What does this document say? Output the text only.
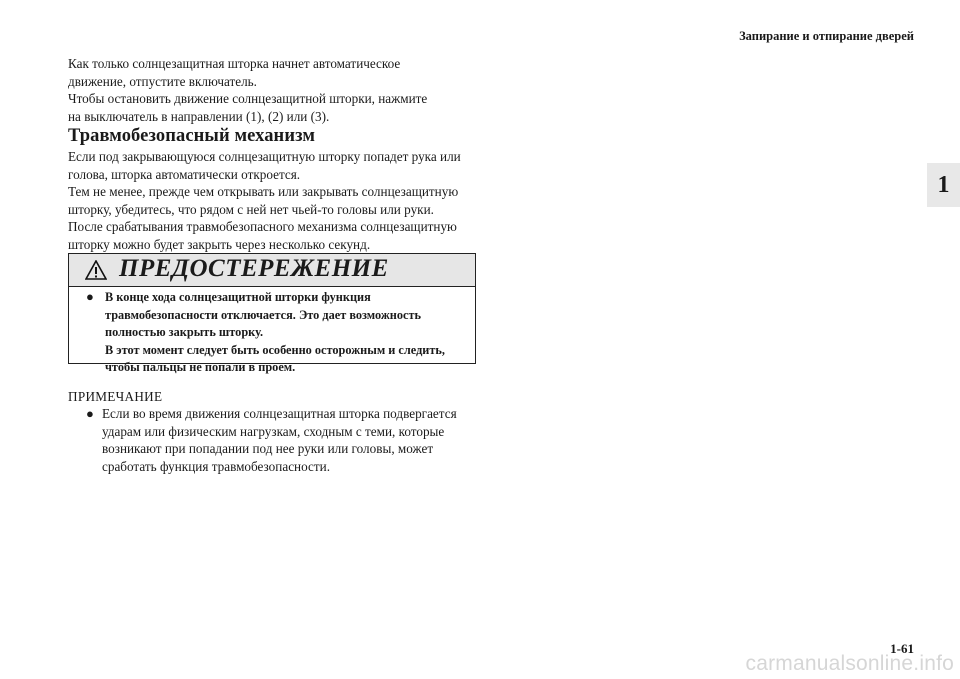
Запирание и отпирание дверей
1
Как только солнцезащитная шторка начнет автоматическое
движение, отпустите включатель.
Чтобы остановить движение солнцезащитной шторки, нажмите
на выключатель в направлении (1), (2) или (3).
Травмобезопасный механизм
Если под закрывающуюся солнцезащитную шторку попадет рука или
голова, шторка автоматически откроется.
Тем не менее, прежде чем открывать или закрывать солнцезащитную
шторку, убедитесь, что рядом с ней нет чьей-то головы или руки.
После срабатывания травмобезопасного механизма солнцезащитную
шторку можно будет закрыть через несколько секунд.
ПРЕДОСТЕРЕЖЕНИЕ
● В конце хода солнцезащитной шторки функция
травмобезопасности отключается. Это дает возможность
полностью закрыть шторку.
В этот момент следует быть особенно осторожным и следить,
чтобы пальцы не попали в проем.
ПРИМЕЧАНИЕ
● Если во время движения солнцезащитная шторка подвергается
ударам или физическим нагрузкам, сходным с теми, которые
возникают при попадании под нее руки или головы, может
сработать функция травмобезопасности.
1-61
carmanualsonline.info
